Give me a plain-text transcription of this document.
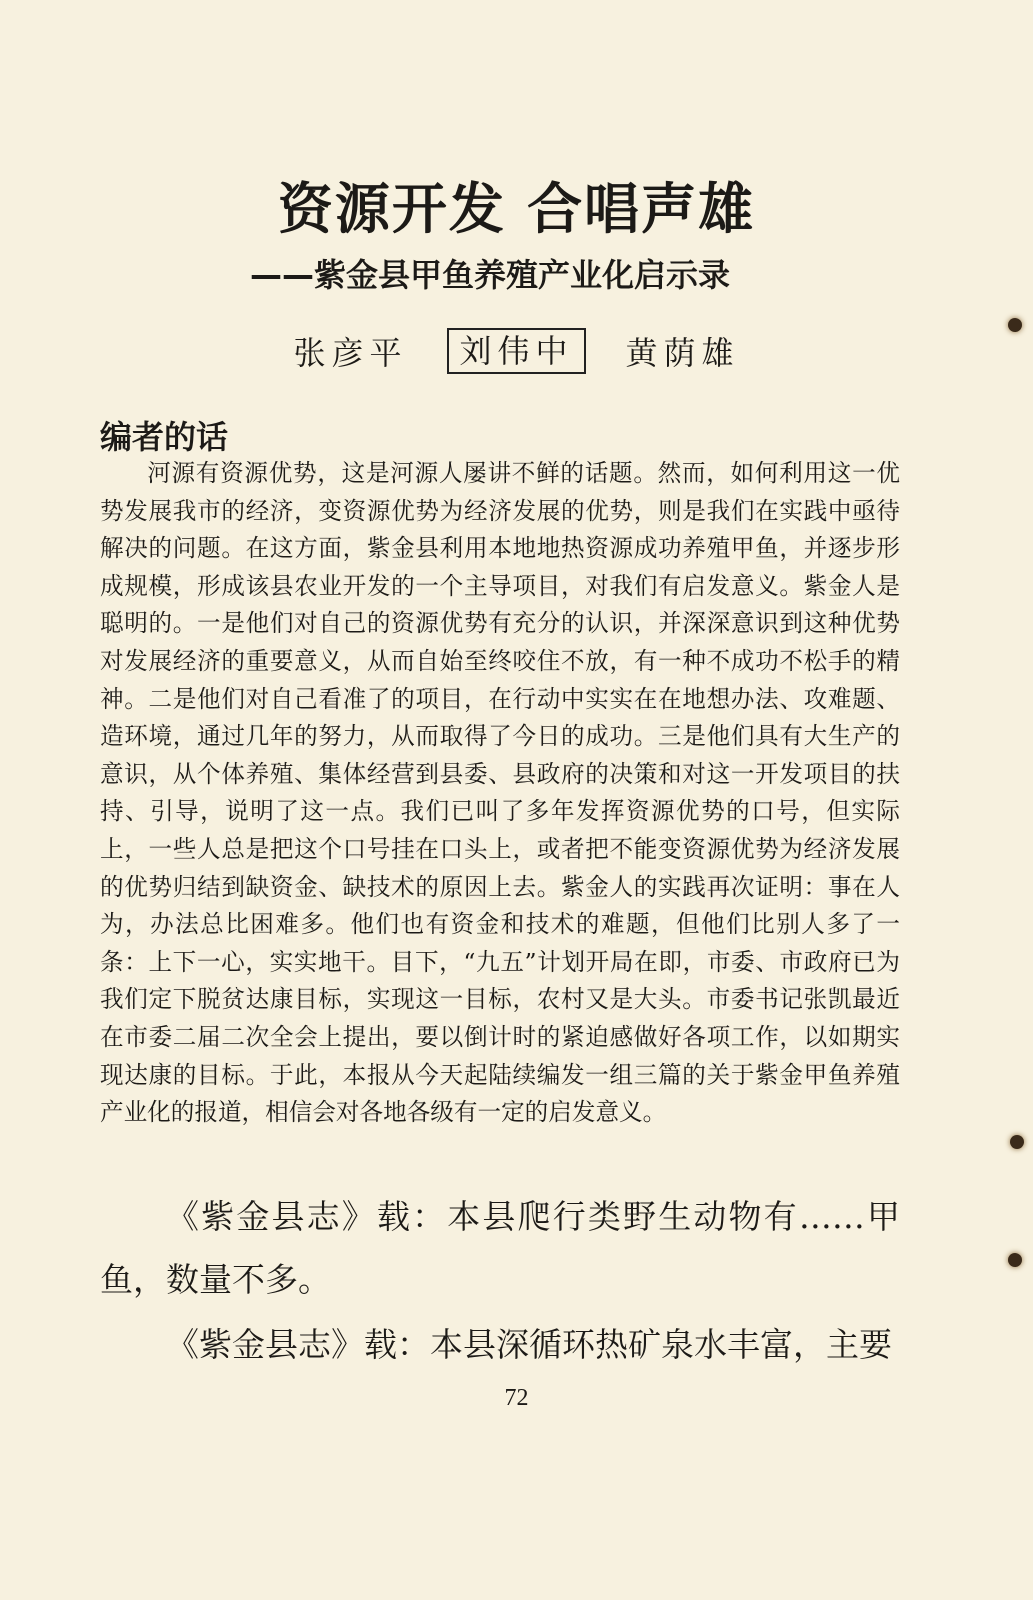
资源开发 合唱声雄
——紫金县甲鱼养殖产业化启示录
张彦平	刘伟中	黄荫雄
编者的话

河源有资源优势，这是河源人屡讲不鲜的话题。然而，如何利用这一优势发展我市的经济，变资源优势为经济发展的优势，则是我们在实践中亟待解决的问题。在这方面，紫金县利用本地地热资源成功养殖甲鱼，并逐步形成规模，形成该县农业开发的一个主导项目，对我们有启发意义。紫金人是聪明的。一是他们对自己的资源优势有充分的认识，并深深意识到这种优势对发展经济的重要意义，从而自始至终咬住不放，有一种不成功不松手的精神。二是他们对自己看准了的项目，在行动中实实在在地想办法、攻难题、造环境，通过几年的努力，从而取得了今日的成功。三是他们具有大生产的意识，从个体养殖、集体经营到县委、县政府的决策和对这一开发项目的扶持、引导，说明了这一点。我们已叫了多年发挥资源优势的口号，但实际上，一些人总是把这个口号挂在口头上，或者把不能变资源优势为经济发展的优势归结到缺资金、缺技术的原因上去。紫金人的实践再次证明：事在人为，办法总比困难多。他们也有资金和技术的难题，但他们比别人多了一条：上下一心，实实地干。目下，“九五”计划开局在即，市委、市政府已为我们定下脱贫达康目标，实现这一目标，农村又是大头。市委书记张凯最近在市委二届二次全会上提出，要以倒计时的紧迫感做好各项工作，以如期实现达康的目标。于此，本报从今天起陆续编发一组三篇的关于紫金甲鱼养殖产业化的报道，相信会对各地各级有一定的启发意义。

《紫金县志》载：本县爬行类野生动物有……甲鱼，数量不多。

《紫金县志》载：本县深循环热矿泉水丰富，主要

72
